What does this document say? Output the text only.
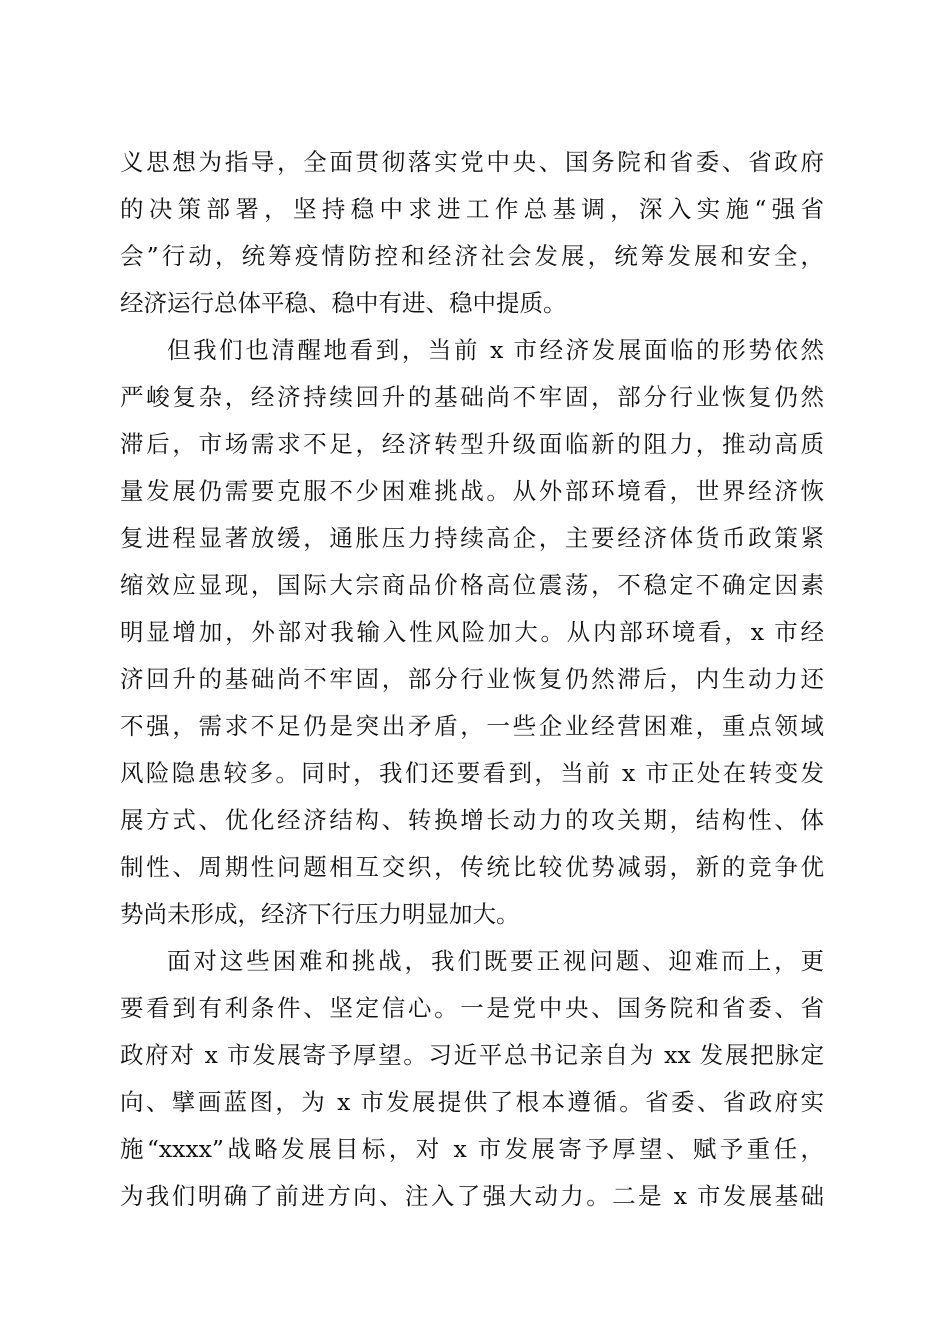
义思想为指导，全面贯彻落实党中央、国务院和省委、省政府
的决策部署，坚持稳中求进工作总基调，深入实施“强省
会”行动，统筹疫情防控和经济社会发展，统筹发展和安全，
经济运行总体平稳、稳中有进、稳中提质。
但我们也清醒地看到，当前 x 市经济发展面临的形势依然
严峻复杂，经济持续回升的基础尚不牢固，部分行业恢复仍然
滞后，市场需求不足，经济转型升级面临新的阻力，推动高质
量发展仍需要克服不少困难挑战。从外部环境看，世界经济恢
复进程显著放缓，通胀压力持续高企，主要经济体货币政策紧
缩效应显现，国际大宗商品价格高位震荡，不稳定不确定因素
明显增加，外部对我输入性风险加大。从内部环境看，x 市经
济回升的基础尚不牢固，部分行业恢复仍然滞后，内生动力还
不强，需求不足仍是突出矛盾，一些企业经营困难，重点领域
风险隐患较多。同时，我们还要看到，当前 x 市正处在转变发
展方式、优化经济结构、转换增长动力的攻关期，结构性、体
制性、周期性问题相互交织，传统比较优势减弱，新的竞争优
势尚未形成，经济下行压力明显加大。
面对这些困难和挑战，我们既要正视问题、迎难而上，更
要看到有利条件、坚定信心。一是党中央、国务院和省委、省
政府对 x 市发展寄予厚望。习近平总书记亲自为 xx 发展把脉定
向、擘画蓝图，为 x 市发展提供了根本遵循。省委、省政府实
施“xxxx”战略发展目标，对 x 市发展寄予厚望、赋予重任，
为我们明确了前进方向、注入了强大动力。二是 x 市发展基础
